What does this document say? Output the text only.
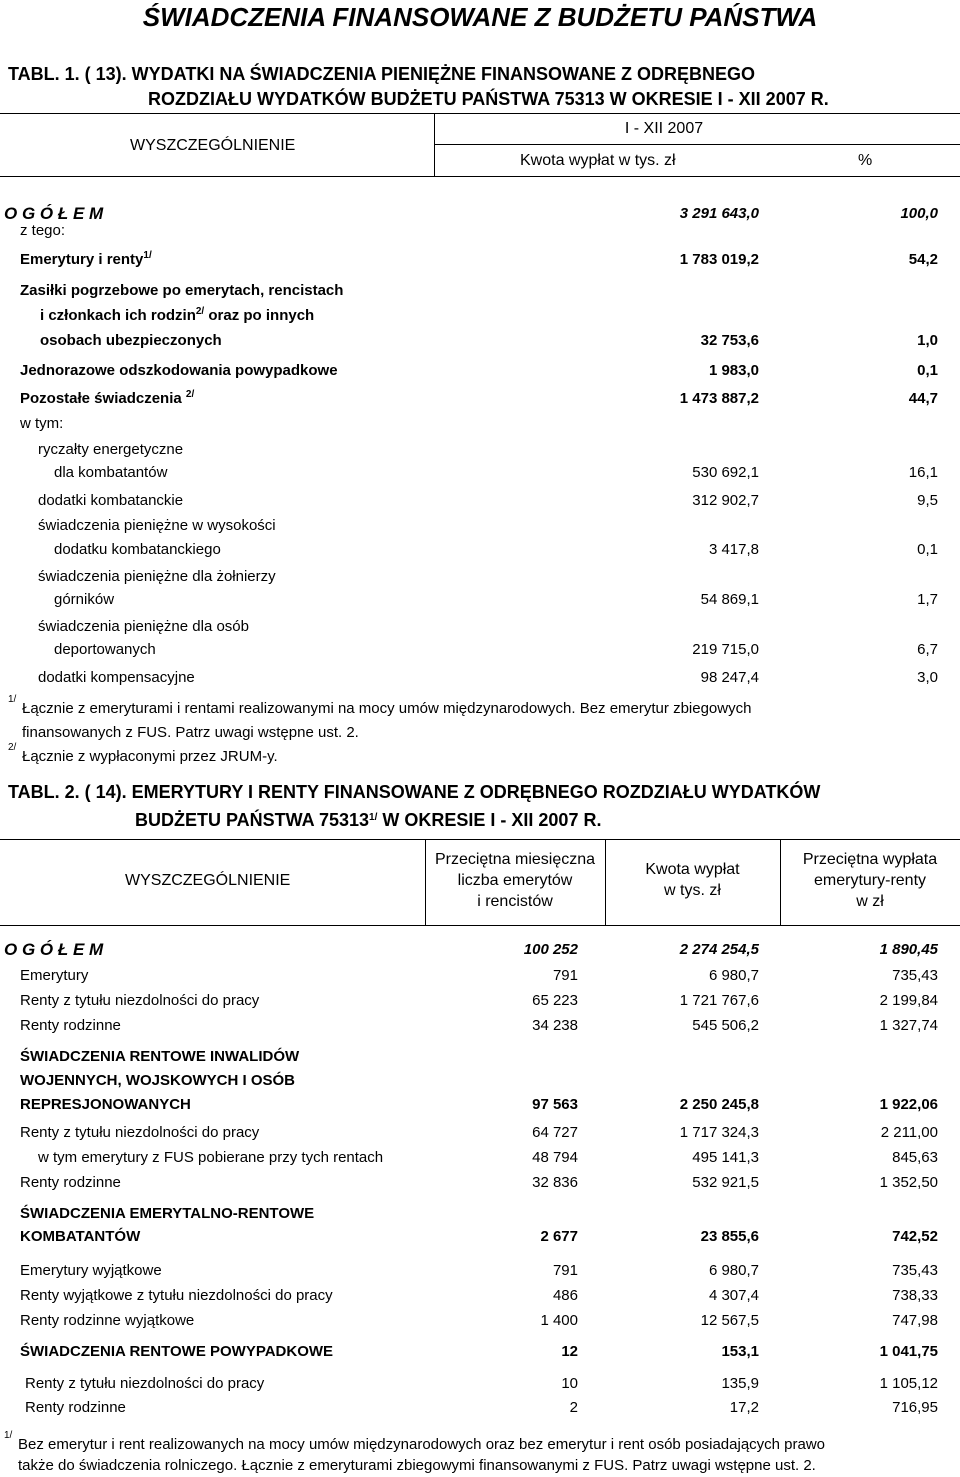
ŚWIADCZENIA FINANSOWANE Z BUDŻETU PAŃSTWA
TABL. 1. ( 13). WYDATKI NA ŚWIADCZENIA PIENIĘŻNE FINANSOWANE Z ODRĘBNEGO
ROZDZIAŁU WYDATKÓW BUDŻETU PAŃSTWA 75313 W OKRESIE I - XII 2007 R.
WYSZCZEGÓLNIENIE
I - XII 2007
Kwota wypłat w tys. zł	%
O G Ó Ł E M	3 291 643,0	100,0
z tego:
Emerytury i renty$^{1/}$	1 783 019,2	54,2
Zasiłki pogrzebowe po emerytach, rencistach
i członkach ich rodzin$^{2/}$ oraz po innych
osobach ubezpieczonych	32 753,6	1,0
Jednorazowe odszkodowania powypadkowe	1 983,0	0,1
Pozostałe świadczenia $^{2/}$	1 473 887,2	44,7
w tym:
ryczałty energetyczne
dla kombatantów	530 692,1	16,1
dodatki kombatanckie	312 902,7	9,5
świadczenia pieniężne w wysokości
dodatku kombatanckiego	3 417,8	0,1
świadczenia pieniężne dla żołnierzy
górników	54 869,1	1,7
świadczenia pieniężne dla osób
deportowanych	219 715,0	6,7
dodatki kompensacyjne	98 247,4	3,0
1/
Łącznie z emeryturami i rentami realizowanymi na mocy umów międzynarodowych. Bez emerytur zbiegowych
finansowanych z FUS. Patrz uwagi wstępne ust. 2.
2/
Łącznie z wypłaconymi przez JRUM-y.
TABL. 2. ( 14). EMERYTURY I RENTY FINANSOWANE Z ODRĘBNEGO ROZDZIAŁU WYDATKÓW
BUDŻETU PAŃSTWA $75313^{1/}$ W OKRESIE I - XII 2007 R.
WYSZCZEGÓLNIENIE
Przeciętna miesięczna
liczba emerytów
i rencistów
Kwota wypłat
w tys. zł
Przeciętna wypłata
emerytury-renty
w zł
O G Ó Ł E M	100 252	2 274 254,5	1 890,45
Emerytury	791	6 980,7	735,43
Renty z tytułu niezdolności do pracy	65 223	1 721 767,6	2 199,84
Renty rodzinne	34 238	545 506,2	1 327,74
ŚWIADCZENIA RENTOWE INWALIDÓW
WOJENNYCH, WOJSKOWYCH I OSÓB
REPRESJONOWANYCH	97 563	2 250 245,8	1 922,06
Renty z tytułu niezdolności do pracy	64 727	1 717 324,3	2 211,00
w tym emerytury z FUS pobierane przy tych rentach	48 794	495 141,3	845,63
Renty rodzinne	32 836	532 921,5	1 352,50
ŚWIADCZENIA EMERYTALNO-RENTOWE
KOMBATANTÓW	2 677	23 855,6	742,52
Emerytury wyjątkowe	791	6 980,7	735,43
Renty wyjątkowe z tytułu niezdolności do pracy	486	4 307,4	738,33
Renty rodzinne wyjątkowe	1 400	12 567,5	747,98
ŚWIADCZENIA RENTOWE POWYPADKOWE	12	153,1	1 041,75
Renty z tytułu niezdolności do pracy	10	135,9	1 105,12
Renty rodzinne	2	17,2	716,95
1/
Bez emerytur i rent realizowanych na mocy umów międzynarodowych oraz bez emerytur i rent osób posiadających prawo
także do świadczenia rolniczego. Łącznie z emeryturami zbiegowymi finansowanymi z FUS. Patrz uwagi wstępne ust. 2.
